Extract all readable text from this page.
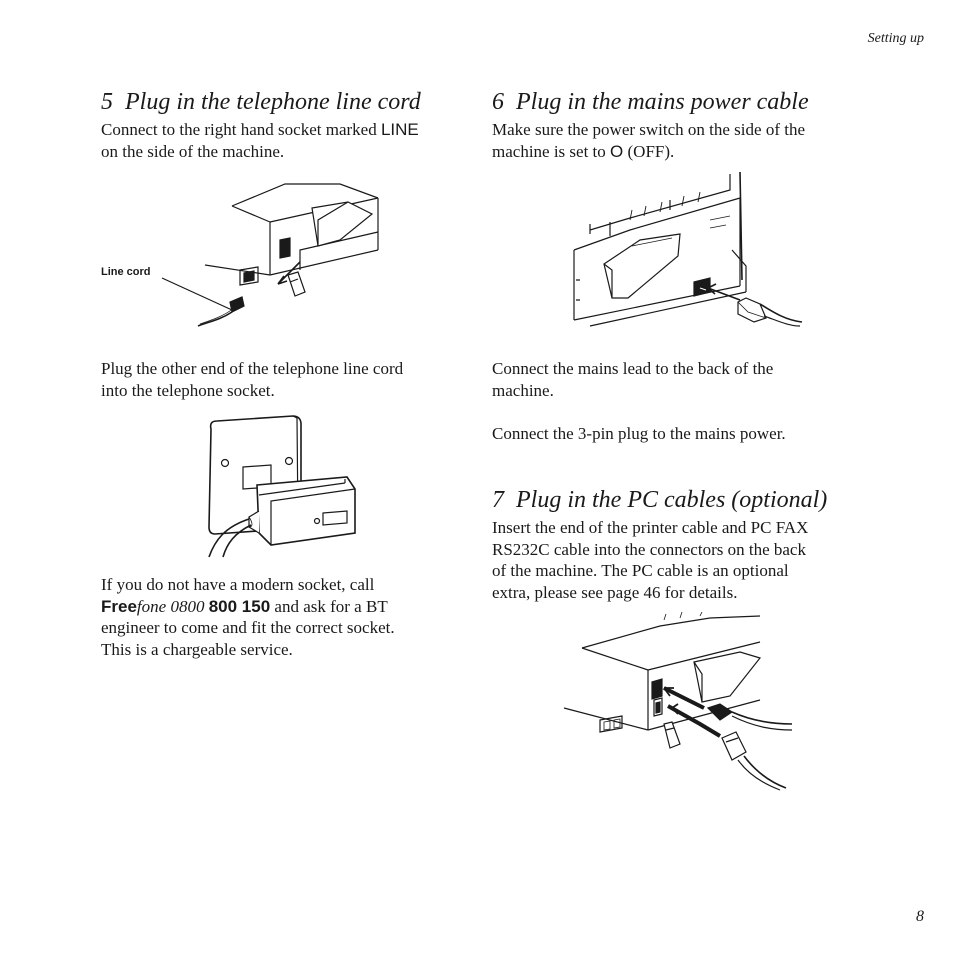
Setting up
8
5 Plug in the telephone line cord

Connect to the right hand socket marked LINE
on the side of the machine.

Line cord

Plug the other end of the telephone line cord
into the telephone socket.

If you do not have a modern socket, call
Freefone 0800 800 150 and ask for a BT
engineer to come and fit the correct socket.
This is a chargeable service.

6 Plug in the mains power cable

Make sure the power switch on the side of the
machine is set to O (OFF).

Connect the mains lead to the back of the
machine.

Connect the 3-pin plug to the mains power.

7 Plug in the PC cables (optional)

Insert the end of the printer cable and PC FAX
RS232C cable into the connectors on the back
of the machine. The PC cable is an optional
extra, please see page 46 for details.
